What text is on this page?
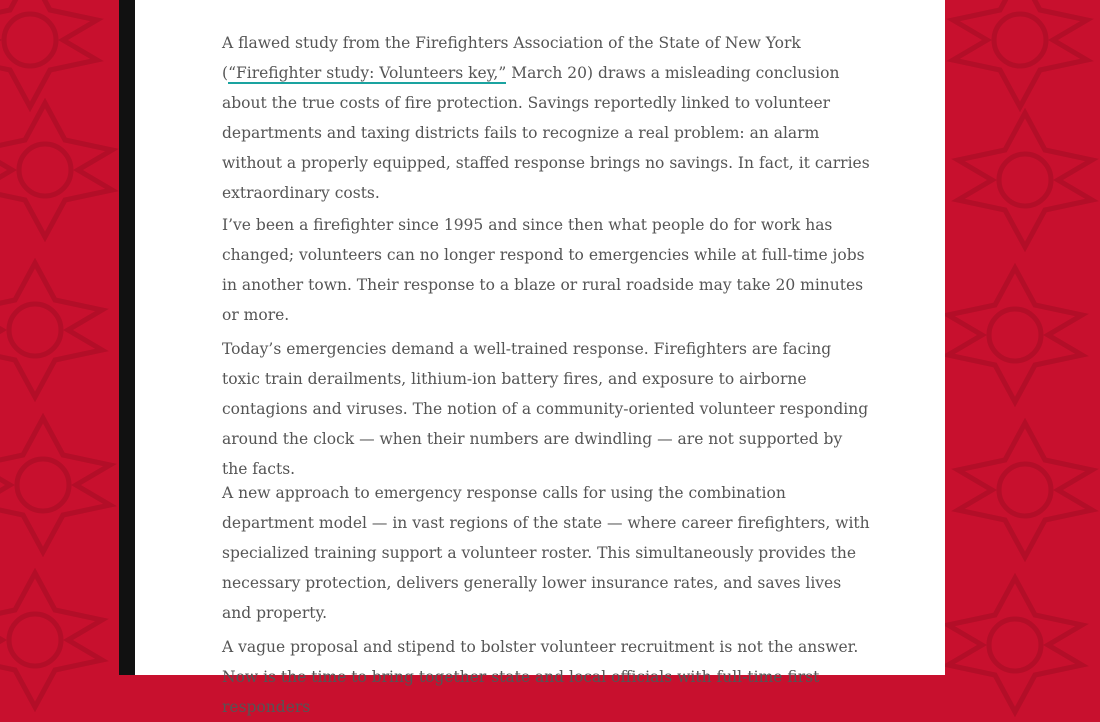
A flawed study from the Firefighters Association of the State of New York (“Firefighter study: Volunteers key,” March 20) draws a misleading conclusion about the true costs of fire protection. Savings reportedly linked to volunteer departments and taxing districts fails to recognize a real problem: an alarm without a properly equipped, staffed response brings no savings. In fact, it carries extraordinary costs.

I’ve been a firefighter since 1995 and since then what people do for work has changed; volunteers can no longer respond to emergencies while at full-time jobs in another town. Their response to a blaze or rural roadside may take 20 minutes or more.

Today’s emergencies demand a well-trained response. Firefighters are facing toxic train derailments, lithium-ion battery fires, and exposure to airborne contagions and viruses. The notion of a community-oriented volunteer responding around the clock — when their numbers are dwindling — are not supported by the facts.

A new approach to emergency response calls for using the combination department model — in vast regions of the state — where career firefighters, with specialized training support a volunteer roster. This simultaneously provides the necessary protection, delivers generally lower insurance rates, and saves lives and property.

A vague proposal and stipend to bolster volunteer recruitment is not the answer. Now is the time to bring together state and local officials with full-time first responders
